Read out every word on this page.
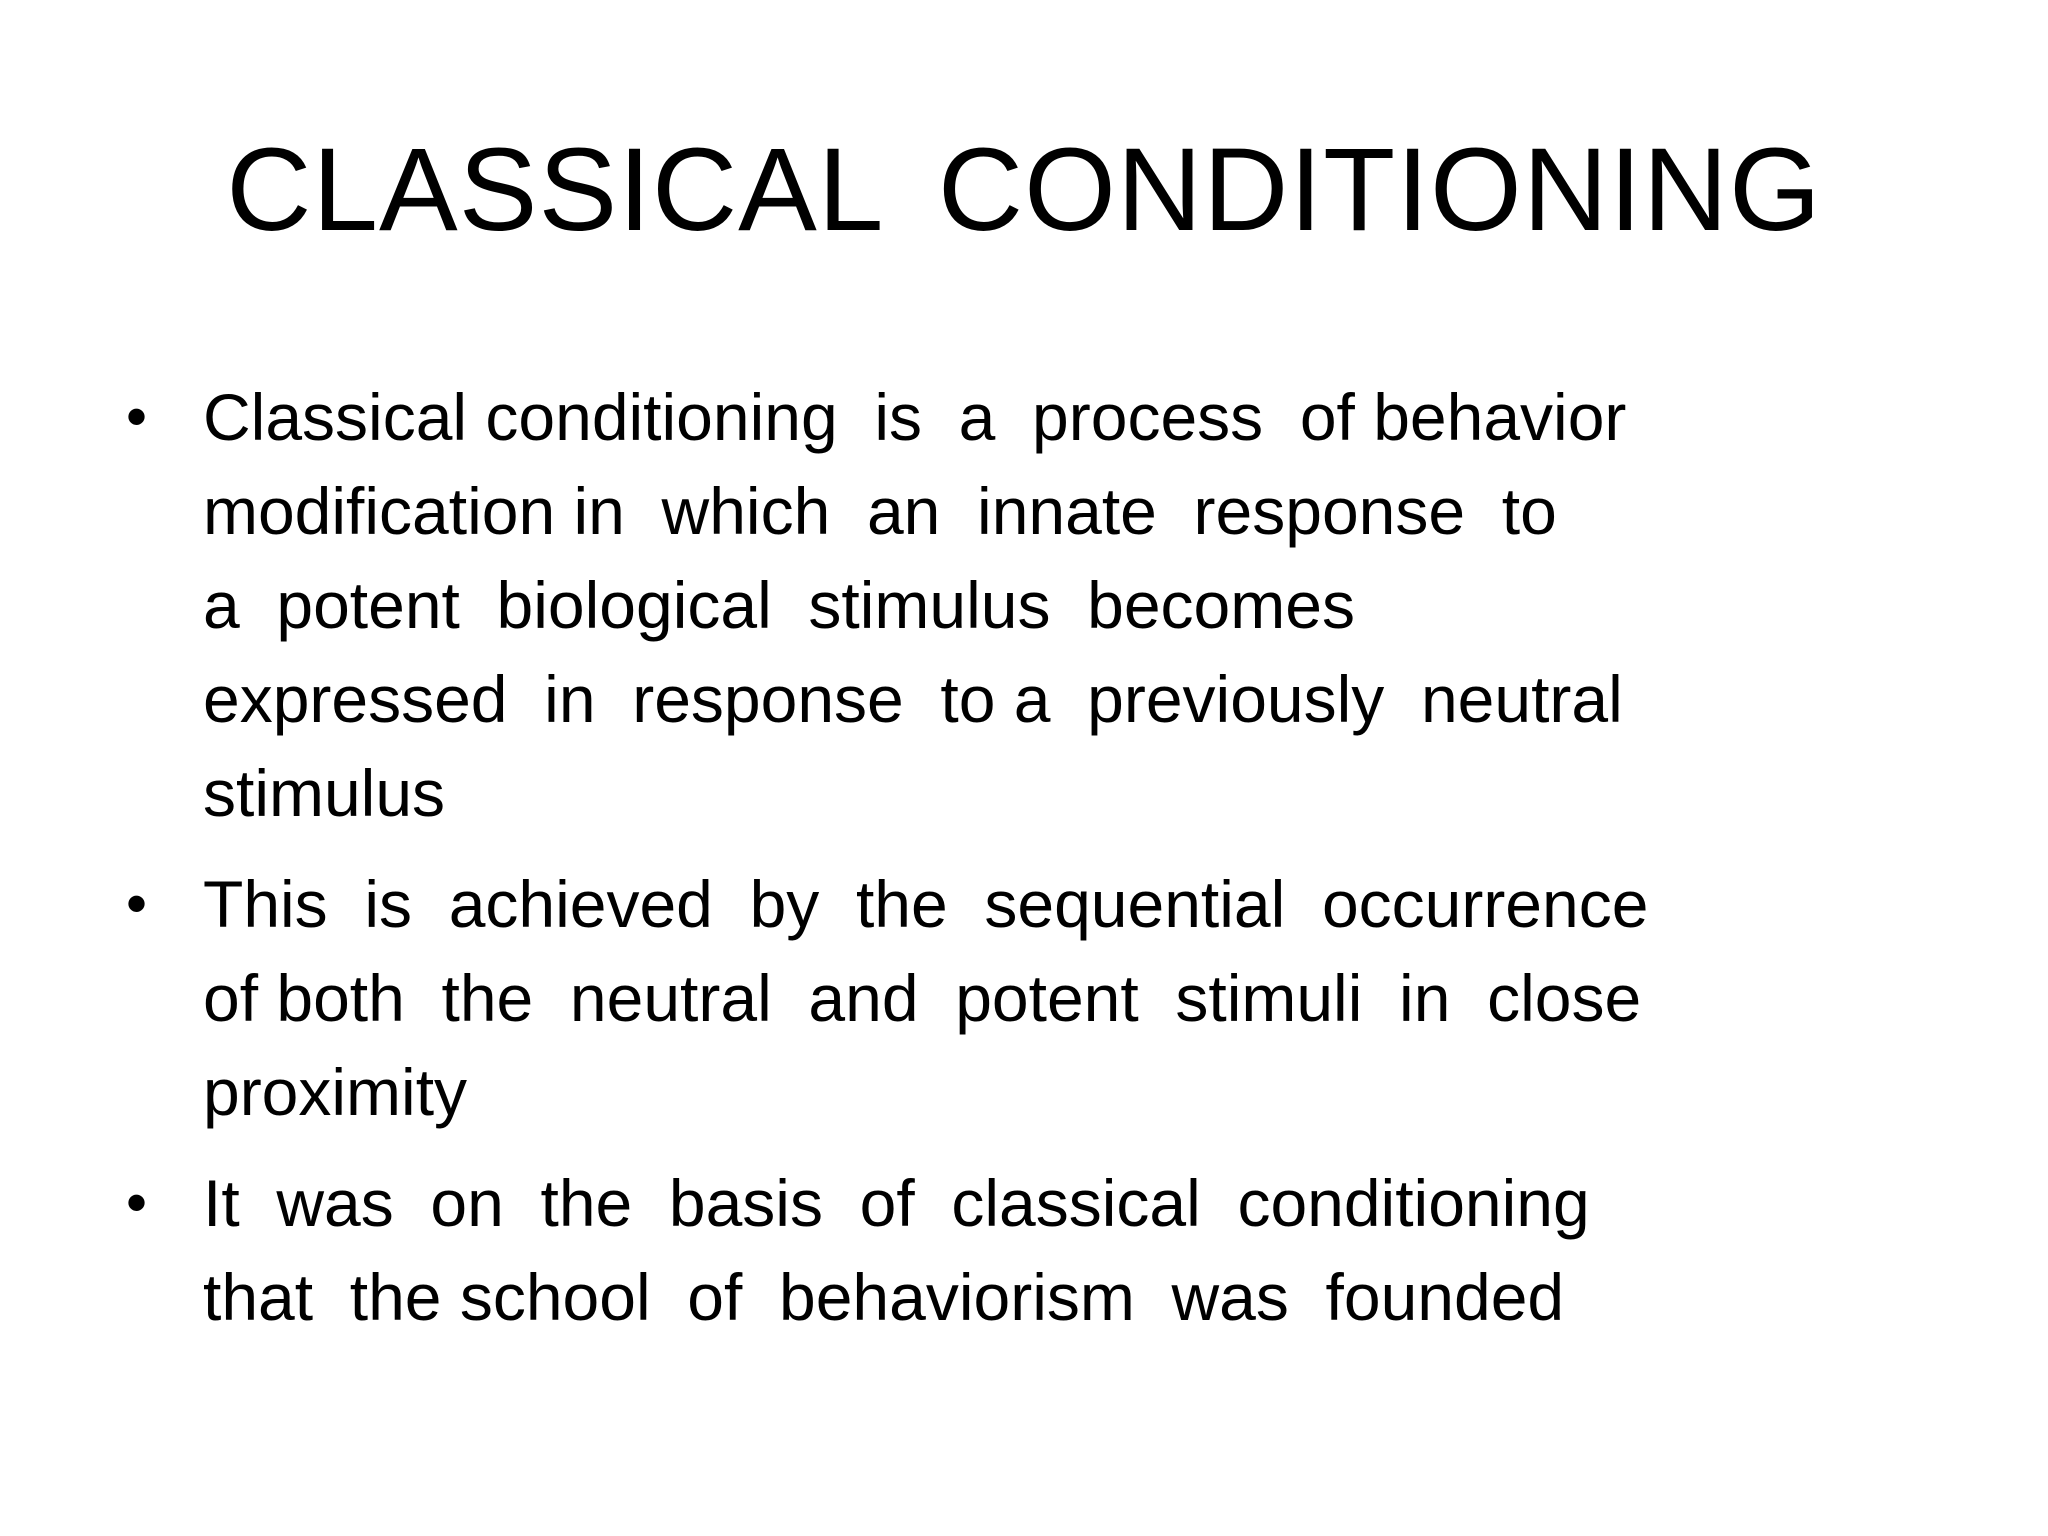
CLASSICAL CONDITIONING
• Classical conditioning  is  a  process  of behavior
modification in  which  an  innate  response  to
a  potent  biological  stimulus  becomes
expressed  in  response  to a  previously  neutral
stimulus
• This  is  achieved  by  the  sequential  occurrence
of both  the  neutral  and  potent  stimuli  in  close
proximity
• It  was  on  the  basis  of  classical  conditioning
that  the school  of  behaviorism  was  founded
